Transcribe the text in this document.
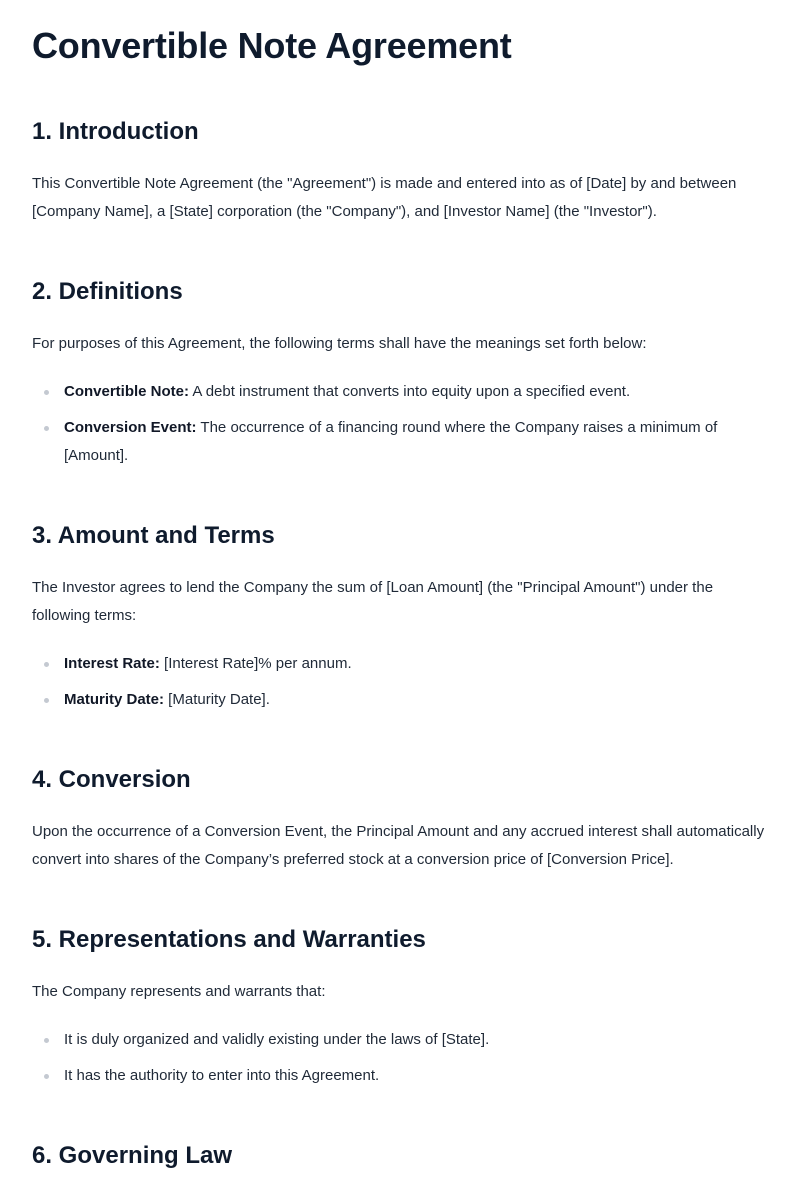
Convertible Note Agreement
1. Introduction

This Convertible Note Agreement (the "Agreement") is made and entered into as of [Date] by and between [Company Name], a [State] corporation (the "Company"), and [Investor Name] (the "Investor").

2. Definitions

For purposes of this Agreement, the following terms shall have the meanings set forth below:

Convertible Note: A debt instrument that converts into equity upon a specified event.
Conversion Event: The occurrence of a financing round where the Company raises a minimum of [Amount].
3. Amount and Terms

The Investor agrees to lend the Company the sum of [Loan Amount] (the "Principal Amount") under the following terms:

Interest Rate: [Interest Rate]% per annum.
Maturity Date: [Maturity Date].
4. Conversion

Upon the occurrence of a Conversion Event, the Principal Amount and any accrued interest shall automatically convert into shares of the Company’s preferred stock at a conversion price of [Conversion Price].

5. Representations and Warranties

The Company represents and warrants that:

It is duly organized and validly existing under the laws of [State].
It has the authority to enter into this Agreement.
6. Governing Law
